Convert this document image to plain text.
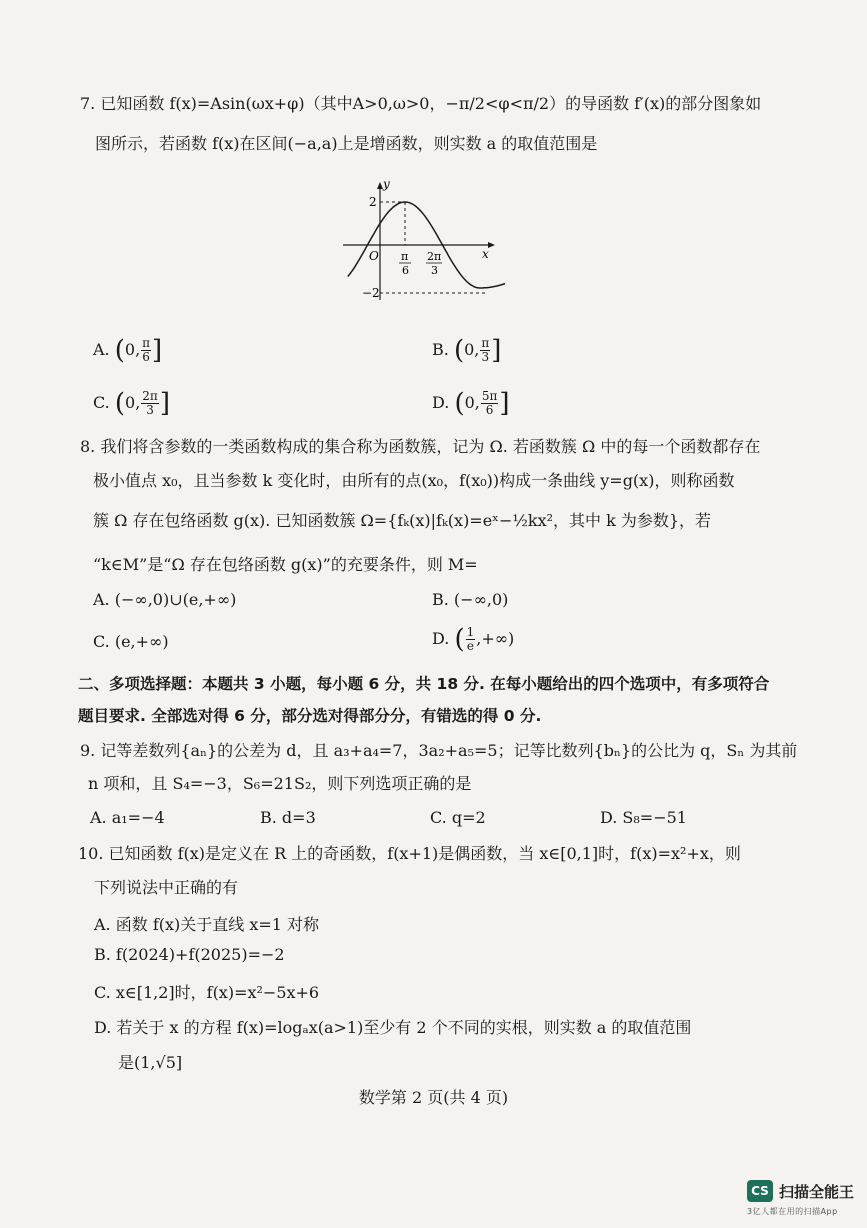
7. 已知函数 f(x)=Asin(ωx+φ)（其中A>0,ω>0，−π/2<φ<π/2）的导函数 f′(x)的部分图象如
图所示，若函数 f(x)在区间(−a,a)上是增函数，则实数 a 的取值范围是
y
x
O
2
−2
π
6
2π
3
A. (0, $\frac{\pi}{6}$ ]	B. (0, $\frac{\pi}{3}$ ]
C. (0, $\frac{2\pi}{3}$ ]	D. (0, $\frac{5\pi}{6}$ ]
8. 我们将含参数的一类函数构成的集合称为函数簇，记为 Ω. 若函数簇 Ω 中的每一个函数都存在
极小值点 x₀，且当参数 k 变化时，由所有的点(x₀，f(x₀))构成一条曲线 y=g(x)，则称函数
簇 Ω 存在包络函数 g(x). 已知函数簇 Ω={fₖ(x)|fₖ(x)=eˣ−½kx²，其中 k 为参数}，若
“k∈M”是“Ω 存在包络函数 g(x)”的充要条件，则 M=
A. (−∞,0)∪(e,+∞)	B. (−∞,0)
C. (e,+∞)	D. ( $\frac{1}{e}$ ,+∞)
二、多项选择题：本题共 3 小题，每小题 6 分，共 18 分. 在每小题给出的四个选项中，有多项符合
题目要求. 全部选对得 6 分，部分选对得部分分，有错选的得 0 分.
9. 记等差数列{aₙ}的公差为 d，且 a₃+a₄=7，3a₂+a₅=5；记等比数列{bₙ}的公比为 q，Sₙ 为其前
n 项和，且 S₄=−3，S₆=21S₂，则下列选项正确的是
A. a₁=−4	B. d=3	C. q=2	D. S₈=−51
10. 已知函数 f(x)是定义在 R 上的奇函数，f(x+1)是偶函数，当 x∈[0,1]时，f(x)=x²+x，则
下列说法中正确的有
A. 函数 f(x)关于直线 x=1 对称
B. f(2024)+f(2025)=−2
C. x∈[1,2]时，f(x)=x²−5x+6
D. 若关于 x 的方程 f(x)=logₐx(a>1)至少有 2 个不同的实根，则实数 a 的取值范围
是(1,√5]
数学第 2 页(共 4 页)
CS 扫描全能王
3亿人都在用的扫描App
